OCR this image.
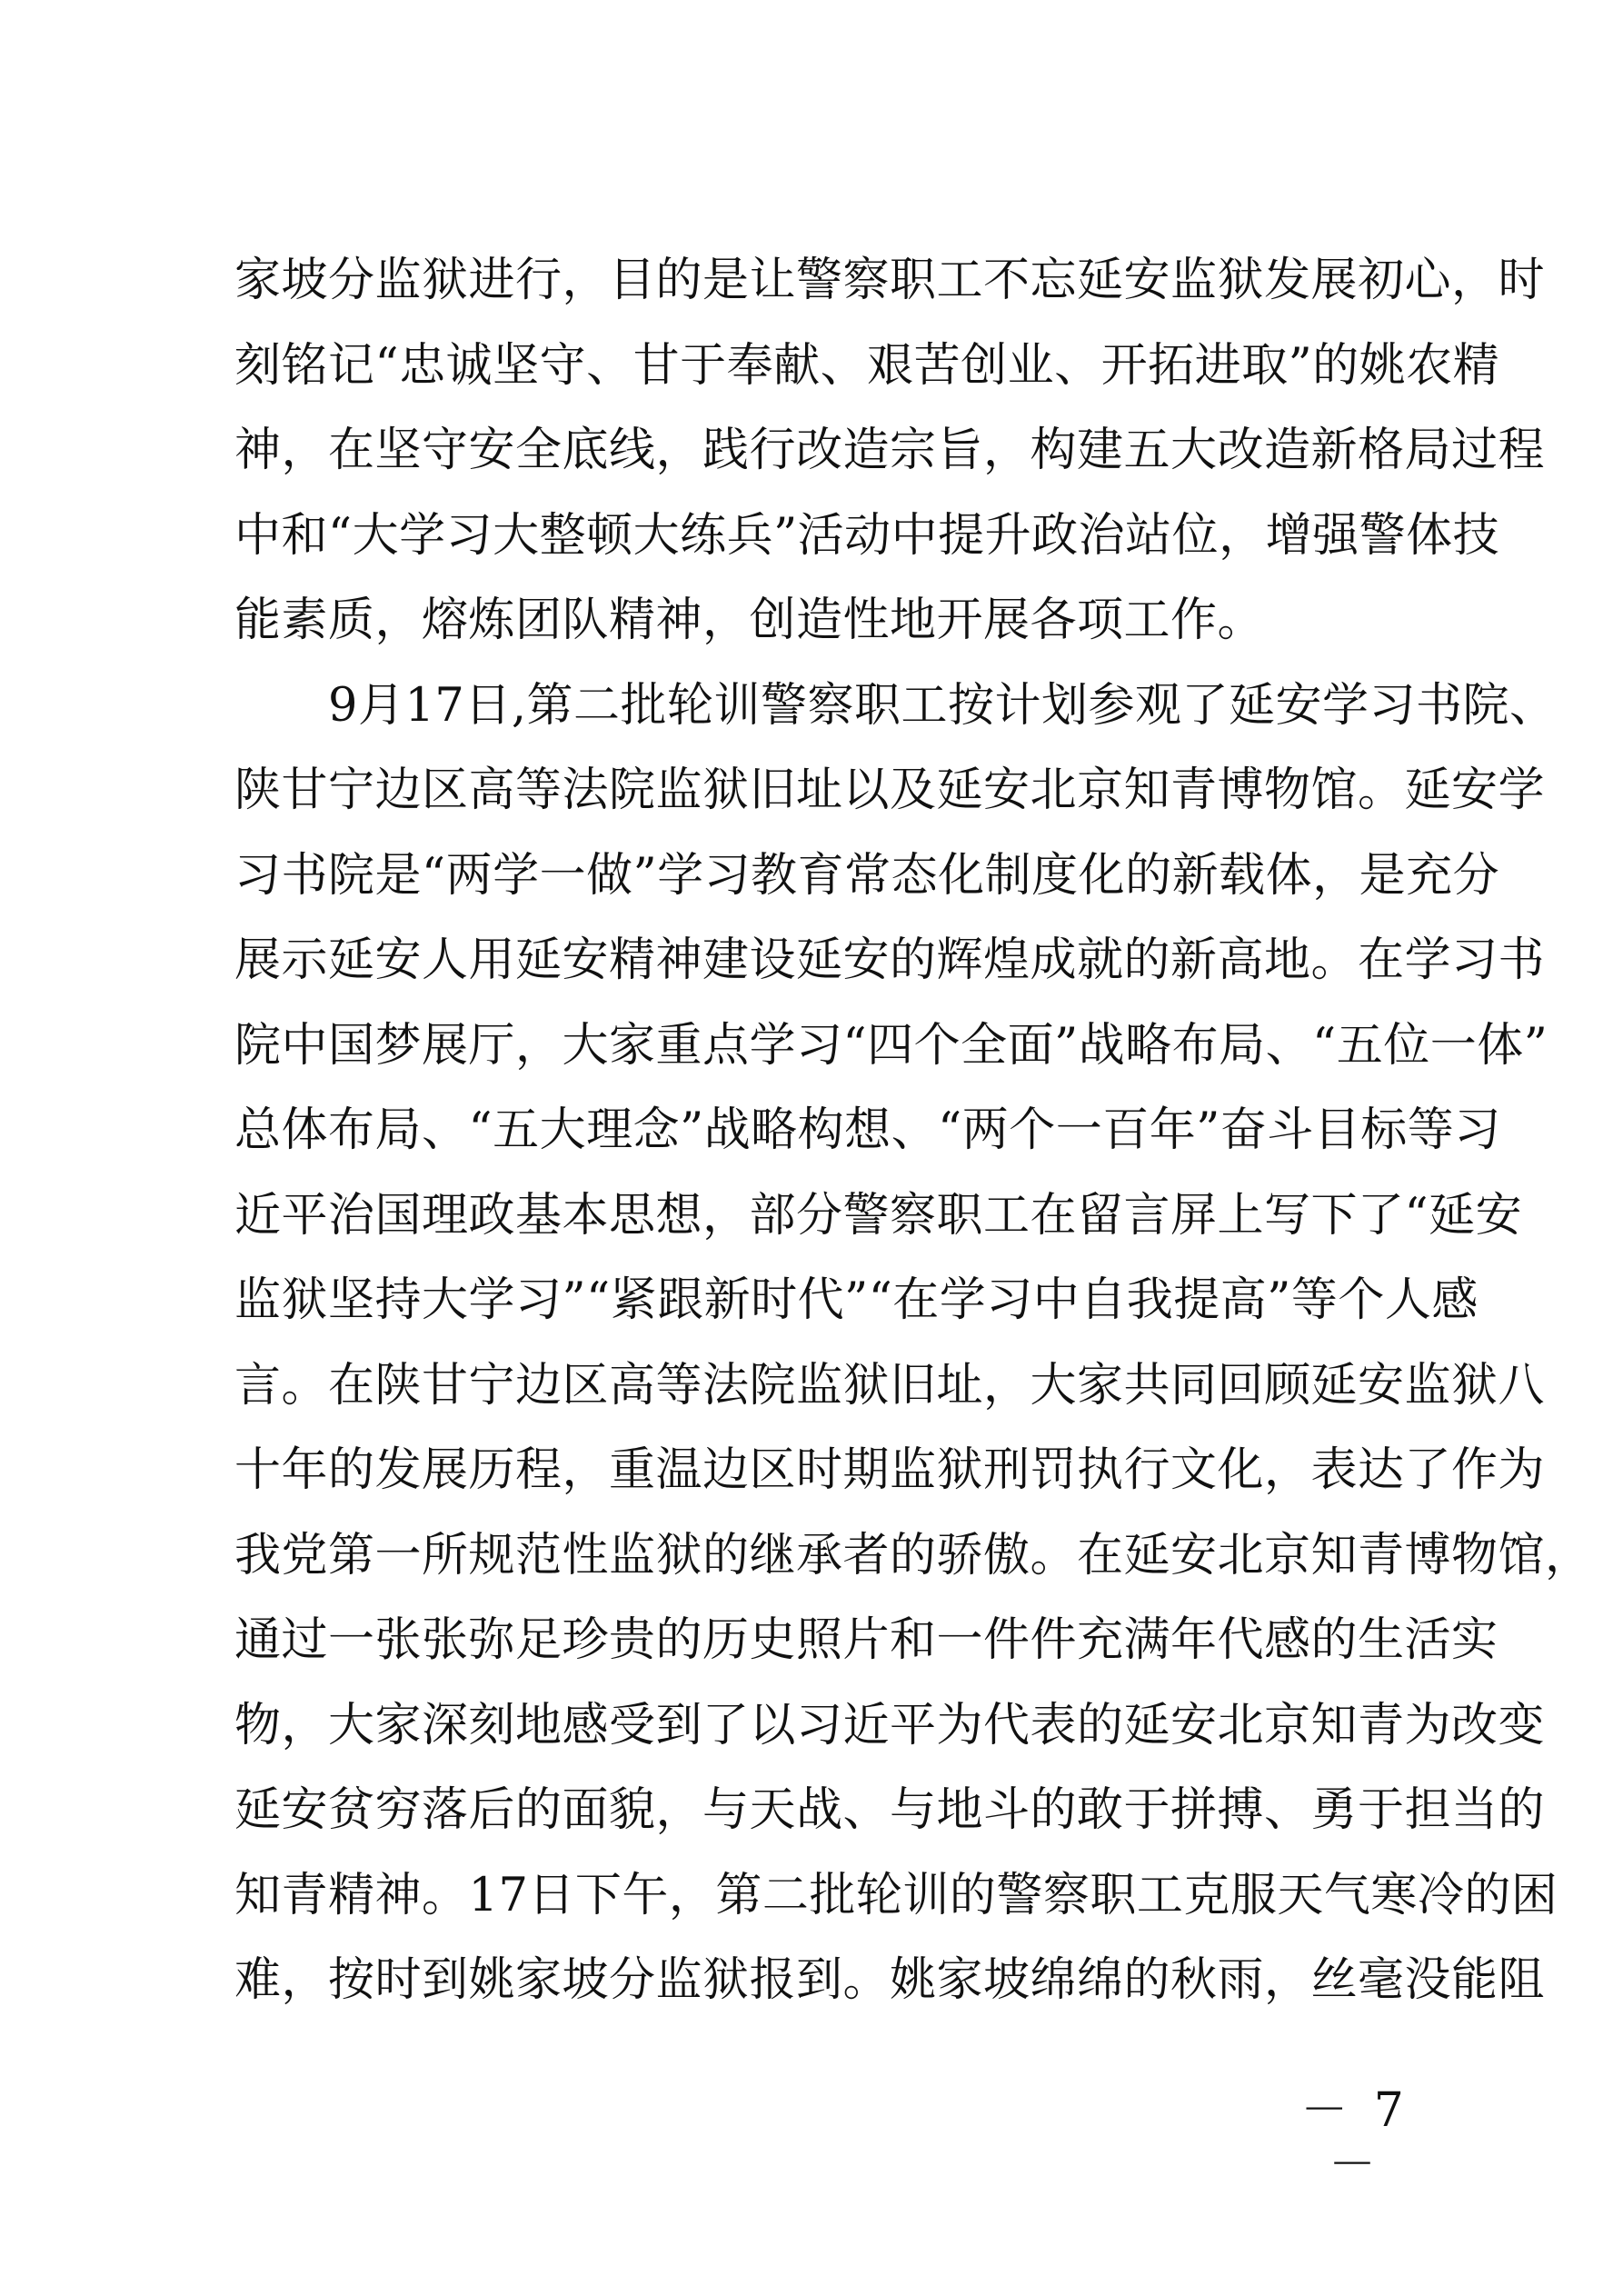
家坡分监狱进行，目的是让警察职工不忘延安监狱发展初心，时
刻铭记“忠诚坚守、甘于奉献、艰苦创业、开拓进取”的姚农精
神，在坚守安全底线，践行改造宗旨，构建五大改造新格局过程
中和“大学习大整顿大练兵”活动中提升政治站位，增强警体技
能素质，熔炼团队精神，创造性地开展各项工作。
　　9月17日,第二批轮训警察职工按计划参观了延安学习书院、
陕甘宁边区高等法院监狱旧址以及延安北京知青博物馆。延安学
习书院是“两学一做”学习教育常态化制度化的新载体，是充分
展示延安人用延安精神建设延安的辉煌成就的新高地。在学习书
院中国梦展厅，大家重点学习“四个全面”战略布局、“五位一体”
总体布局、“五大理念”战略构想、“两个一百年”奋斗目标等习
近平治国理政基本思想，部分警察职工在留言屏上写下了“延安
监狱坚持大学习”“紧跟新时代”“在学习中自我提高”等个人感
言。在陕甘宁边区高等法院监狱旧址，大家共同回顾延安监狱八
十年的发展历程，重温边区时期监狱刑罚执行文化，表达了作为
我党第一所规范性监狱的继承者的骄傲。在延安北京知青博物馆，
通过一张张弥足珍贵的历史照片和一件件充满年代感的生活实
物，大家深刻地感受到了以习近平为代表的延安北京知青为改变
延安贫穷落后的面貌，与天战、与地斗的敢于拼搏、勇于担当的
知青精神。17日下午，第二批轮训的警察职工克服天气寒冷的困
难，按时到姚家坡分监狱报到。姚家坡绵绵的秋雨，丝毫没能阻
－ 7 －
